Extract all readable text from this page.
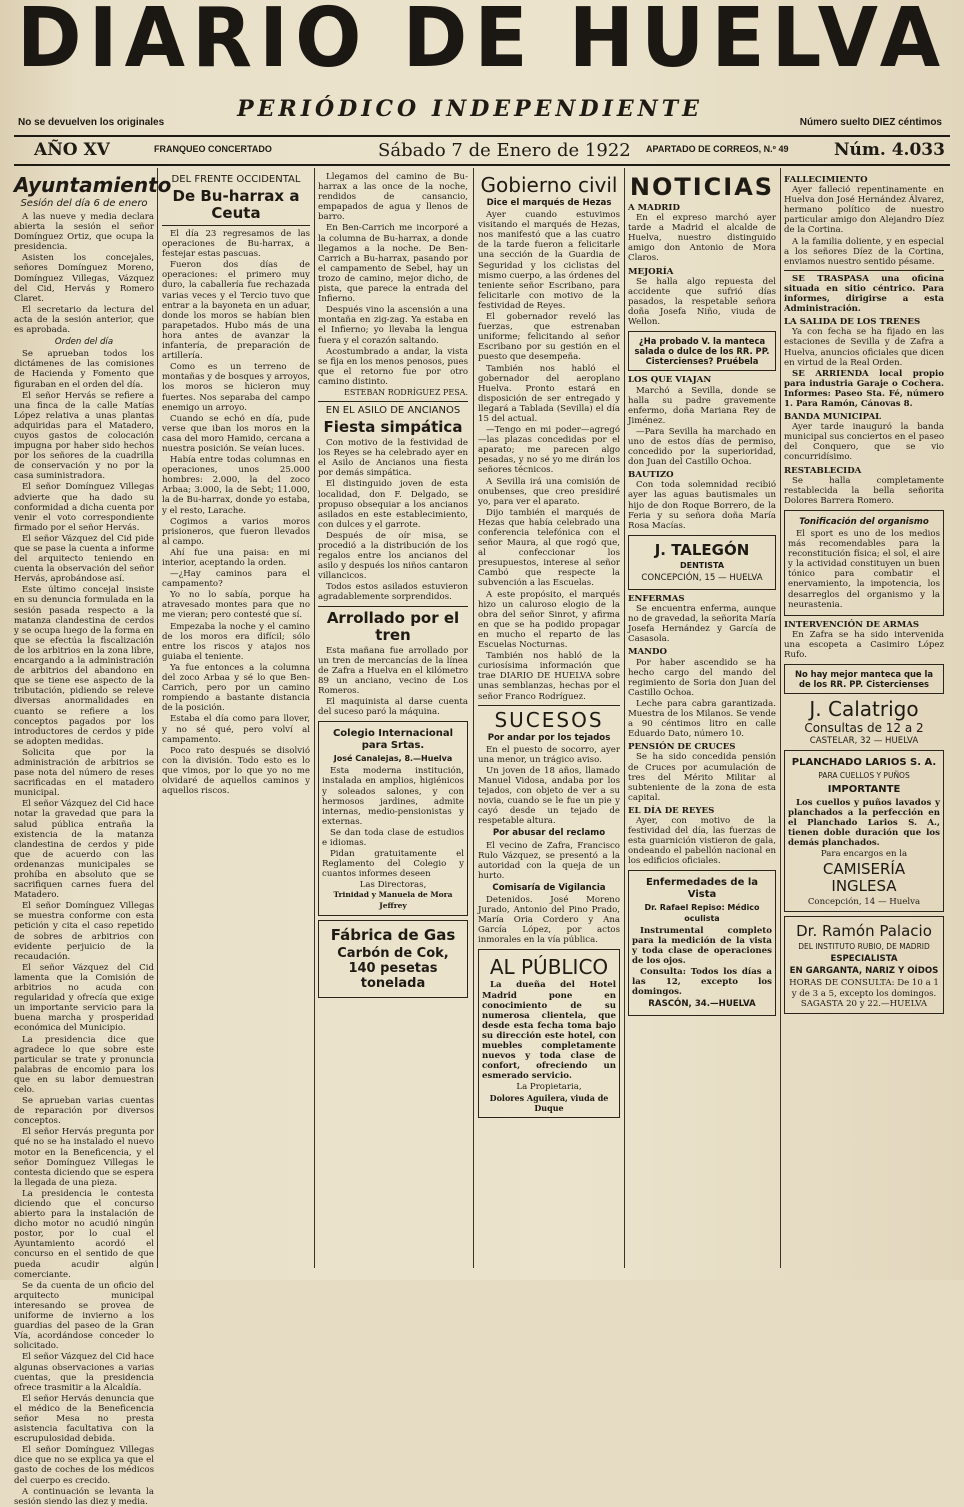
DIARIO DE HUELVA
PERIÓDICO INDEPENDIENTE
No se devuelven los originales	Número suelto DIEZ céntimos
AÑO XV	FRANQUEO CONCERTADO	Sábado 7 de Enero de 1922 APARTADO DE CORREOS, N.º 49	Núm. 4.033
Ayuntamiento
Sesión del día 6 de enero

A las nueve y media declara abierta la sesión el señor Domínguez Ortiz, que ocupa la presidencia.

Asisten los concejales, señores Domínguez Moreno, Domínguez Villegas, Vázquez del Cid, Hervás y Romero Claret.

El secretario da lectura del acta de la sesión anterior, que es aprobada.

Orden del día

Se aprueban todos los dictámenes de las comisiones de Hacienda y Fomento que figuraban en el orden del día.

El señor Hervás se refiere a una finca de la calle Matías López relativa a unas plantas adquiridas para el Matadero, cuyos gastos de colocación impugna por haber sido hechos por los señores de la cuadrilla de conservación y no por la casa suministradora.

El señor Domínguez Villegas advierte que ha dado su conformidad a dicha cuenta por venir el voto correspondiente firmado por el señor Hervás.

El señor Vázquez del Cid pide que se pase la cuenta a informe del arquitecto teniendo en cuenta la observación del señor Hervás, aprobándose así.

Este último concejal insiste en su denuncia formulada en la sesión pasada respecto a la matanza clandestina de cerdos y se ocupa luego de la forma en que se efectúa la fiscalización de los arbitrios en la zona libre, encargando a la administración de arbitrios del abandono en que se tiene ese aspecto de la tributación, pidiendo se releve diversas anormalidades en cuanto se refiere a los conceptos pagados por los introductores de cerdos y pide se adopten medidas.

Solicita que por la administración de arbitrios se pase nota del número de reses sacrificadas en el matadero municipal.

El señor Vázquez del Cid hace notar la gravedad que para la salud pública entraña la existencia de la matanza clandestina de cerdos y pide que de acuerdo con las ordenanzas municipales se prohíba en absoluto que se sacrifiquen carnes fuera del Matadero.

El señor Domínguez Villegas se muestra conforme con esta petición y cita el caso repetido de sobres de arbitrios con evidente perjuicio de la recaudación.

El señor Vázquez del Cid lamenta que la Comisión de arbitrios no acuda con regularidad y ofrecía que exige un importante servicio para la buena marcha y prosperidad económica del Municipio.

La presidencia dice que agradece lo que sobre este particular se trate y pronuncia palabras de encomio para los que en su labor demuestran celo.

Se aprueban varias cuentas de reparación por diversos conceptos.

El señor Hervás pregunta por qué no se ha instalado el nuevo motor en la Beneficencia, y el señor Domínguez Villegas le contesta diciendo que se espera la llegada de una pieza.

La presidencia le contesta diciendo que el concurso abierto para la instalación de dicho motor no acudió ningún postor, por lo cual el Ayuntamiento acordó el concurso en el sentido de que pueda acudir algún comerciante.

Se da cuenta de un oficio del arquitecto municipal interesando se provea de uniforme de invierno a los guardias del paseo de la Gran Vía, acordándose conceder lo solicitado.

El señor Vázquez del Cid hace algunas observaciones a varias cuentas, que la presidencia ofrece trasmitir a la Alcaldía.

El señor Hervás denuncia que el médico de la Beneficencia señor Mesa no presta asistencia facultativa con la escrupulosidad debida.

El señor Domínguez Villegas dice que no se explica ya que el gasto de coches de los médicos del cuerpo es crecido.

A continuación se levanta la sesión siendo las diez y media.

DEL FRENTE OCCIDENTAL
De Bu-harrax a Ceuta

El día 23 regresamos de las operaciones de Bu-harrax, a festejar estas pascuas.

Fueron dos días de operaciones: el primero muy duro, la caballería fue rechazada varias veces y el Tercio tuvo que entrar a la bayoneta en un aduar, donde los moros se habían bien parapetados. Hubo más de una hora antes de avanzar la infantería, de preparación de artillería.

Como es un terreno de montañas y de bosques y arroyos, los moros se hicieron muy fuertes. Nos separaba del campo enemigo un arroyo.

Cuando se echó en día, pude verse que iban los moros en la casa del moro Hamido, cercana a nuestra posición. Se veían luces.

Había entre todas columnas en operaciones, unos 25.000 hombres: 2.000, la del zoco Arbaa; 3.000, la de Sebt; 11.000, la de Bu-harrax, donde yo estaba, y el resto, Larache.

Cogimos a varios moros prisioneros, que fueron llevados al campo.

Ahí fue una paisa: en mi interior, aceptando la orden.

—¿Hay caminos para el campamento?

Yo no lo sabía, porque ha atravesado montes para que no me vieran; pero contesté que sí.

Empezaba la noche y el camino de los moros era difícil; sólo entre los riscos y atajos nos guiaba el teniente.

Ya fue entonces a la columna del zoco Arbaa y sé lo que Ben-Carrich, pero por un camino rompiendo a bastante distancia de la posición.

Estaba el día como para llover, y no sé qué, pero volví al campamento.

Poco rato después se disolvió con la división. Todo esto es lo que vimos, por lo que yo no me olvidaré de aquellos caminos y aquellos riscos.

Llegamos del camino de Bu-harrax a las once de la noche, rendidos de cansancio, empapados de agua y llenos de barro.

En Ben-Carrich me incorporé a la columna de Bu-harrax, a donde llegamos a la noche. De Ben-Carrich a Bu-harrax, pasando por el campamento de Sebel, hay un trozo de camino, mejor dicho, de pista, que parece la entrada del Infierno.

Después vino la ascensión a una montaña en zig-zag. Ya estaba en el Infierno; yo llevaba la lengua fuera y el corazón saltando.

Acostumbrado a andar, la vista se fija en los menos penosos, pues que el retorno fue por otro camino distinto.

ESTEBAN RODRÍGUEZ PESA.
EN EL ASILO DE ANCIANOS
Fiesta simpática

Con motivo de la festividad de los Reyes se ha celebrado ayer en el Asilo de Ancianos una fiesta por demás simpática.

El distinguido joven de esta localidad, don F. Delgado, se propuso obsequiar a los ancianos asilados en este establecimiento, con dulces y el garrote.

Después de oír misa, se procedió a la distribución de los regalos entre los ancianos del asilo y después los niños cantaron villancicos.

Todos estos asilados estuvieron agradablemente sorprendidos.

Arrollado por el tren

Esta mañana fue arrollado por un tren de mercancías de la línea de Zafra a Huelva en el kilómetro 89 un anciano, vecino de Los Romeros.

El maquinista al darse cuenta del suceso paró la máquina.

Colegio Internacional para Srtas.
José Canalejas, 8.—Huelva

Esta moderna institución, instalada en amplios, higiénicos y soleados salones, y con hermosos jardines, admite internas, medio-pensionistas y externas.

Se dan toda clase de estudios e idiomas.

Pidan gratuitamente el Reglamento del Colegio y cuantos informes deseen

Las Directoras,
Trinidad y Manuela de Mora Jeffrey
Fábrica de Gas
Carbón de Cok, 140 pesetas tonelada
Gobierno civil
Dice el marqués de Hezas

Ayer cuando estuvimos visitando el marqués de Hezas, nos manifestó que a las cuatro de la tarde fueron a felicitarle una sección de la Guardia de Seguridad y los ciclistas del mismo cuerpo, a las órdenes del teniente señor Escribano, para felicitarle con motivo de la festividad de Reyes.

El gobernador reveló las fuerzas, que estrenaban uniforme; felicitando al señor Escribano por su gestión en el puesto que desempeña.

También nos habló el gobernador del aeroplano Huelva. Pronto estará en disposición de ser entregado y llegará a Tablada (Sevilla) el día 15 del actual.

—Tengo en mi poder—agregó—las plazas concedidas por el aparato; me parecen algo pesadas, y no sé yo me dirán los señores técnicos.

A Sevilla irá una comisión de onubenses, que creo presidiré yo, para ver el aparato.

Dijo también el marqués de Hezas que había celebrado una conferencia telefónica con el señor Maura, al que rogó que, al confeccionar los presupuestos, interese al señor Cambó que respecte la subvención a las Escuelas.

A este propósito, el marqués hizo un caluroso elogio de la obra del señor Sinrot, y afirma en que se ha podido propagar en mucho el reparto de las Escuelas Nocturnas.

También nos habló de la curiosísima información que trae DIARIO DE HUELVA sobre unas semblanzas, hechas por el señor Franco Rodríguez.

SUCESOS
Por andar por los tejados

En el puesto de socorro, ayer una menor, un trágico aviso.

Un joven de 18 años, llamado Manuel Vidosa, andaba por los tejados, con objeto de ver a su novia, cuando se le fue un pie y cayó desde un tejado de respetable altura.

Por abusar del reclamo

El vecino de Zafra, Francisco Rulo Vázquez, se presentó a la autoridad con la queja de un hurto.

Comisaría de Vigilancia

Detenidos. José Moreno Jurado, Antonio del Pino Prado, María Oria Cordero y Ana García López, por actos inmorales en la vía pública.

AL PÚBLICO

La dueña del Hotel Madrid pone en conocimiento de su numerosa clientela, que desde esta fecha toma bajo su dirección este hotel, con muebles completamente nuevos y toda clase de confort, ofreciendo un esmerado servicio.

La Propietaria,
Dolores Aguilera, viuda de Duque
NOTICIAS
A MADRID

En el expreso marchó ayer tarde a Madrid el alcalde de Huelva, nuestro distinguido amigo don Antonio de Mora Claros.

MEJORÍA

Se halla algo repuesta del accidente que sufrió días pasados, la respetable señora doña Josefa Niño, viuda de Wellon.

¿Ha probado V. la manteca salada o dulce de los RR. PP. Cistercienses? Pruébela
LOS QUE VIAJAN

Marchó a Sevilla, donde se halla su padre gravemente enfermo, doña Mariana Rey de Jiménez.

—Para Sevilla ha marchado en uno de estos días de permiso, concedido por la superioridad, don Juan del Castillo Ochoa.

BAUTIZO

Con toda solemnidad recibió ayer las aguas bautismales un hijo de don Roque Borrero, de la Feria y su señora doña María Rosa Macías.

J. TALEGÓN
DENTISTA
CONCEPCIÓN, 15 — HUELVA
ENFERMAS

Se encuentra enferma, aunque no de gravedad, la señorita María Josefa Hernández y García de Casasola.

MANDO

Por haber ascendido se ha hecho cargo del mando del regimiento de Soria don Juan del Castillo Ochoa.

Leche para cabra garantizada. Muestra de los Milanos. Se vende a 90 céntimos litro en calle Eduardo Dato, número 10.

PENSIÓN DE CRUCES

Se ha sido concedida pensión de Cruces por acumulación de tres del Mérito Militar al subteniente de la zona de esta capital.

EL DÍA DE REYES

Ayer, con motivo de la festividad del día, las fuerzas de esta guarnición vistieron de gala, ondeando el pabellón nacional en los edificios oficiales.

Enfermedades de la Vista
Dr. Rafael Repiso: Médico oculista

Instrumental completo para la medición de la vista y toda clase de operaciones de los ojos.

Consulta: Todos los días a las 12, excepto los domingos.

RASCÓN, 34.—HUELVA
FALLECIMIENTO

Ayer falleció repentinamente en Huelva don José Hernández Álvarez, hermano político de nuestro particular amigo don Alejandro Díez de la Cortina.

A la familia doliente, y en especial a los señores Díez de la Cortina, enviamos nuestro sentido pésame.

SE TRASPASA una oficina situada en sitio céntrico. Para informes, dirigirse a esta Administración.

LA SALIDA DE LOS TRENES

Ya con fecha se ha fijado en las estaciones de Sevilla y de Zafra a Huelva, anuncios oficiales que dicen en virtud de la Real Orden.

SE ARRIENDA local propio para industria Garaje o Cochera. Informes: Paseo Sta. Fé, número 1. Para Ramón, Cánovas 8.

BANDA MUNICIPAL

Ayer tarde inauguró la banda municipal sus conciertos en el paseo del Conquero, que se vio concurridísimo.

RESTABLECIDA

Se halla completamente restablecida la bella señorita Dolores Barrera Romero.

Tonificación del organismo

El sport es uno de los medios más recomendables para la reconstitución física; el sol, el aire y la actividad constituyen un buen tónico para combatir el enervamiento, la impotencia, los desarreglos del organismo y la neurastenia.

INTERVENCIÓN DE ARMAS

En Zafra se ha sido intervenida una escopeta a Casimiro López Rufo.

No hay mejor manteca que la de los RR. PP. Cistercienses
J. Calatrigo
Consultas de 12 a 2
CASTELAR, 32 — HUELVA
PLANCHADO LARIOS S. A.
PARA CUELLOS Y PUÑOS
IMPORTANTE

Los cuellos y puños lavados y planchados a la perfección en el Planchado Larios S. A., tienen doble duración que los demás planchados.

Para encargos en la
CAMISERÍA INGLESA
Concepción, 14 — Huelva
Dr. Ramón Palacio
DEL INSTITUTO RUBIO, DE MADRID
ESPECIALISTA
EN GARGANTA, NARIZ Y OÍDOS
HORAS DE CONSULTA: De 10 a 1 y de 3 a 5, excepto los domingos.
SAGASTA 20 y 22.—HUELVA
